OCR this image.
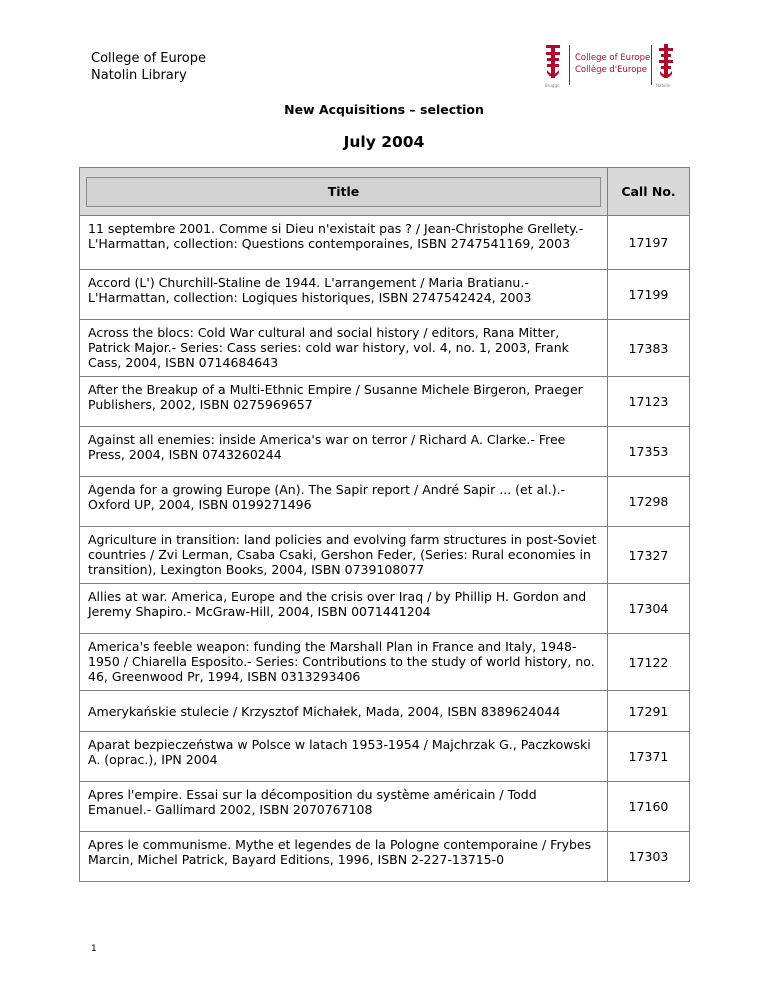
College of Europe
Natolin Library
Brugge
College of Europe
Collège d'Europe
Natolin
New Acquisitions – selection
July 2004
Title	Call No.
11 septembre 2001. Comme si Dieu n'existait pas ? / Jean-Christophe Grellety.- L'Harmattan, collection: Questions contemporaines, ISBN 2747541169, 2003	17197
Accord (L') Churchill-Staline de 1944. L'arrangement / Maria Bratianu.- L'Harmattan, collection: Logiques historiques, ISBN 2747542424, 2003	17199
Across the blocs: Cold War cultural and social history / editors, Rana Mitter, Patrick Major.- Series: Cass series: cold war history, vol. 4, no. 1, 2003, Frank Cass, 2004, ISBN 0714684643	17383
After the Breakup of a Multi-Ethnic Empire / Susanne Michele Birgeron, Praeger Publishers, 2002, ISBN 0275969657	17123
Against all enemies: inside America's war on terror / Richard A. Clarke.- Free Press, 2004, ISBN 0743260244	17353
Agenda for a growing Europe (An). The Sapir report / André Sapir ... (et al.).- Oxford UP, 2004, ISBN 0199271496	17298
Agriculture in transition: land policies and evolving farm structures in post-Soviet countries / Zvi Lerman, Csaba Csaki, Gershon Feder, (Series: Rural economies in transition), Lexington Books, 2004, ISBN 0739108077	17327
Allies at war. America, Europe and the crisis over Iraq / by Phillip H. Gordon and Jeremy Shapiro.- McGraw-Hill, 2004, ISBN 0071441204	17304
America's feeble weapon: funding the Marshall Plan in France and Italy, 1948-1950 / Chiarella Esposito.- Series: Contributions to the study of world history, no. 46, Greenwood Pr, 1994, ISBN 0313293406	17122
Amerykańskie stulecie / Krzysztof Michałek, Mada, 2004, ISBN 8389624044	17291
Aparat bezpieczeństwa w Polsce w latach 1953-1954 / Majchrzak G., Paczkowski A. (oprac.), IPN 2004	17371
Apres l'empire. Essai sur la décomposition du système américain / Todd Emanuel.- Gallimard 2002, ISBN 2070767108	17160
Apres le communisme. Mythe et legendes de la Pologne contemporaine / Frybes Marcin, Michel Patrick, Bayard Editions, 1996, ISBN 2-227-13715-0	17303
1
